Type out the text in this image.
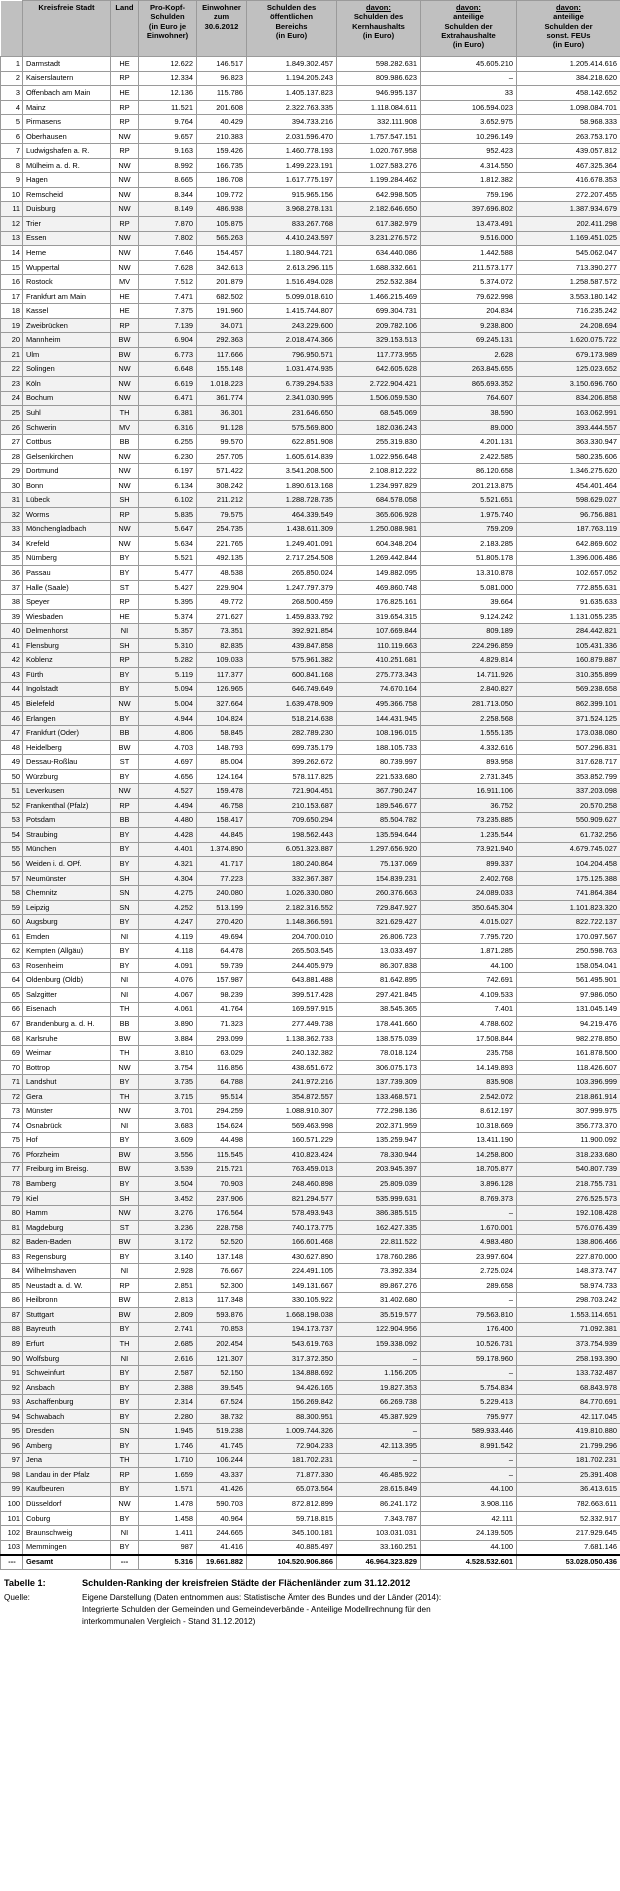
	Kreisfreie Stadt	Land	Pro-Kopf-
Schulden
(in Euro je
Einwohner)	Einwohner
zum
30.6.2012	Schulden des
öffentlichen
Bereichs
(in Euro)	davon:
Schulden des
Kernhaushalts
(in Euro)	davon:
anteilige
Schulden der
Extrahaushalte
(in Euro)	davon:
anteilige
Schulden der
sonst. FEUs
(in Euro)

1	Darmstadt	HE	12.622	146.517	1.849.302.457	598.282.631	45.605.210	1.205.414.616
2	Kaiserslautern	RP	12.334	96.823	1.194.205.243	809.986.623	–	384.218.620
3	Offenbach am Main	HE	12.136	115.786	1.405.137.823	946.995.137	33	458.142.652
4	Mainz	RP	11.521	201.608	2.322.763.335	1.118.084.611	106.594.023	1.098.084.701
5	Pirmasens	RP	9.764	40.429	394.733.216	332.111.908	3.652.975	58.968.333
6	Oberhausen	NW	9.657	210.383	2.031.596.470	1.757.547.151	10.296.149	263.753.170
7	Ludwigshafen a. R.	RP	9.163	159.426	1.460.778.193	1.020.767.958	952.423	439.057.812
8	Mülheim a. d. R.	NW	8.992	166.735	1.499.223.191	1.027.583.276	4.314.550	467.325.364
9	Hagen	NW	8.665	186.708	1.617.775.197	1.199.284.462	1.812.382	416.678.353
10	Remscheid	NW	8.344	109.772	915.965.156	642.998.505	759.196	272.207.455
11	Duisburg	NW	8.149	486.938	3.968.278.131	2.182.646.650	397.696.802	1.387.934.679
12	Trier	RP	7.870	105.875	833.267.768	617.382.979	13.473.491	202.411.298
13	Essen	NW	7.802	565.263	4.410.243.597	3.231.276.572	9.516.000	1.169.451.025
14	Herne	NW	7.646	154.457	1.180.944.721	634.440.086	1.442.588	545.062.047
15	Wuppertal	NW	7.628	342.613	2.613.296.115	1.688.332.661	211.573.177	713.390.277
16	Rostock	MV	7.512	201.879	1.516.494.028	252.532.384	5.374.072	1.258.587.572
17	Frankfurt am Main	HE	7.471	682.502	5.099.018.610	1.466.215.469	79.622.998	3.553.180.142
18	Kassel	HE	7.375	191.960	1.415.744.807	699.304.731	204.834	716.235.242
19	Zweibrücken	RP	7.139	34.071	243.229.600	209.782.106	9.238.800	24.208.694
20	Mannheim	BW	6.904	292.363	2.018.474.366	329.153.513	69.245.131	1.620.075.722
21	Ulm	BW	6.773	117.666	796.950.571	117.773.955	2.628	679.173.989
22	Solingen	NW	6.648	155.148	1.031.474.935	642.605.628	263.845.655	125.023.652
23	Köln	NW	6.619	1.018.223	6.739.294.533	2.722.904.421	865.693.352	3.150.696.760
24	Bochum	NW	6.471	361.774	2.341.030.995	1.506.059.530	764.607	834.206.858
25	Suhl	TH	6.381	36.301	231.646.650	68.545.069	38.590	163.062.991
26	Schwerin	MV	6.316	91.128	575.569.800	182.036.243	89.000	393.444.557
27	Cottbus	BB	6.255	99.570	622.851.908	255.319.830	4.201.131	363.330.947
28	Gelsenkirchen	NW	6.230	257.705	1.605.614.839	1.022.956.648	2.422.585	580.235.606
29	Dortmund	NW	6.197	571.422	3.541.208.500	2.108.812.222	86.120.658	1.346.275.620
30	Bonn	NW	6.134	308.242	1.890.613.168	1.234.997.829	201.213.875	454.401.464
31	Lübeck	SH	6.102	211.212	1.288.728.735	684.578.058	5.521.651	598.629.027
32	Worms	RP	5.835	79.575	464.339.549	365.606.928	1.975.740	96.756.881
33	Mönchengladbach	NW	5.647	254.735	1.438.611.309	1.250.088.981	759.209	187.763.119
34	Krefeld	NW	5.634	221.765	1.249.401.091	604.348.204	2.183.285	642.869.602
35	Nürnberg	BY	5.521	492.135	2.717.254.508	1.269.442.844	51.805.178	1.396.006.486
36	Passau	BY	5.477	48.538	265.850.024	149.882.095	13.310.878	102.657.052
37	Halle (Saale)	ST	5.427	229.904	1.247.797.379	469.860.748	5.081.000	772.855.631
38	Speyer	RP	5.395	49.772	268.500.459	176.825.161	39.664	91.635.633
39	Wiesbaden	HE	5.374	271.627	1.459.833.792	319.654.315	9.124.242	1.131.055.235
40	Delmenhorst	NI	5.357	73.351	392.921.854	107.669.844	809.189	284.442.821
41	Flensburg	SH	5.310	82.835	439.847.858	110.119.663	224.296.859	105.431.336
42	Koblenz	RP	5.282	109.033	575.961.382	410.251.681	4.829.814	160.879.887
43	Fürth	BY	5.119	117.377	600.841.168	275.773.343	14.711.926	310.355.899
44	Ingolstadt	BY	5.094	126.965	646.749.649	74.670.164	2.840.827	569.238.658
45	Bielefeld	NW	5.004	327.664	1.639.478.909	495.366.758	281.713.050	862.399.101
46	Erlangen	BY	4.944	104.824	518.214.638	144.431.945	2.258.568	371.524.125
47	Frankfurt (Oder)	BB	4.806	58.845	282.789.230	108.196.015	1.555.135	173.038.080
48	Heidelberg	BW	4.703	148.793	699.735.179	188.105.733	4.332.616	507.296.831
49	Dessau-Roßlau	ST	4.697	85.004	399.262.672	80.739.997	893.958	317.628.717
50	Würzburg	BY	4.656	124.164	578.117.825	221.533.680	2.731.345	353.852.799
51	Leverkusen	NW	4.527	159.478	721.904.451	367.790.247	16.911.106	337.203.098
52	Frankenthal (Pfalz)	RP	4.494	46.758	210.153.687	189.546.677	36.752	20.570.258
53	Potsdam	BB	4.480	158.417	709.650.294	85.504.782	73.235.885	550.909.627
54	Straubing	BY	4.428	44.845	198.562.443	135.594.644	1.235.544	61.732.256
55	München	BY	4.401	1.374.890	6.051.323.887	1.297.656.920	73.921.940	4.679.745.027
56	Weiden i. d. OPf.	BY	4.321	41.717	180.240.864	75.137.069	899.337	104.204.458
57	Neumünster	SH	4.304	77.223	332.367.387	154.839.231	2.402.768	175.125.388
58	Chemnitz	SN	4.275	240.080	1.026.330.080	260.376.663	24.089.033	741.864.384
59	Leipzig	SN	4.252	513.199	2.182.316.552	729.847.927	350.645.304	1.101.823.320
60	Augsburg	BY	4.247	270.420	1.148.366.591	321.629.427	4.015.027	822.722.137
61	Emden	NI	4.119	49.694	204.700.010	26.806.723	7.795.720	170.097.567
62	Kempten (Allgäu)	BY	4.118	64.478	265.503.545	13.033.497	1.871.285	250.598.763
63	Rosenheim	BY	4.091	59.739	244.405.979	86.307.838	44.100	158.054.041
64	Oldenburg (Oldb)	NI	4.076	157.987	643.881.488	81.642.895	742.691	561.495.901
65	Salzgitter	NI	4.067	98.239	399.517.428	297.421.845	4.109.533	97.986.050
66	Eisenach	TH	4.061	41.764	169.597.915	38.545.365	7.401	131.045.149
67	Brandenburg a. d. H.	BB	3.890	71.323	277.449.738	178.441.660	4.788.602	94.219.476
68	Karlsruhe	BW	3.884	293.099	1.138.362.733	138.575.039	17.508.844	982.278.850
69	Weimar	TH	3.810	63.029	240.132.382	78.018.124	235.758	161.878.500
70	Bottrop	NW	3.754	116.856	438.651.672	306.075.173	14.149.893	118.426.607
71	Landshut	BY	3.735	64.788	241.972.216	137.739.309	835.908	103.396.999
72	Gera	TH	3.715	95.514	354.872.557	133.468.571	2.542.072	218.861.914
73	Münster	NW	3.701	294.259	1.088.910.307	772.298.136	8.612.197	307.999.975
74	Osnabrück	NI	3.683	154.624	569.463.998	202.371.959	10.318.669	356.773.370
75	Hof	BY	3.609	44.498	160.571.229	135.259.947	13.411.190	11.900.092
76	Pforzheim	BW	3.556	115.545	410.823.424	78.330.944	14.258.800	318.233.680
77	Freiburg im Breisg.	BW	3.539	215.721	763.459.013	203.945.397	18.705.877	540.807.739
78	Bamberg	BY	3.504	70.903	248.460.898	25.809.039	3.896.128	218.755.731
79	Kiel	SH	3.452	237.906	821.294.577	535.999.631	8.769.373	276.525.573
80	Hamm	NW	3.276	176.564	578.493.943	386.385.515	–	192.108.428
81	Magdeburg	ST	3.236	228.758	740.173.775	162.427.335	1.670.001	576.076.439
82	Baden-Baden	BW	3.172	52.520	166.601.468	22.811.522	4.983.480	138.806.466
83	Regensburg	BY	3.140	137.148	430.627.890	178.760.286	23.997.604	227.870.000
84	Wilhelmshaven	NI	2.928	76.667	224.491.105	73.392.334	2.725.024	148.373.747
85	Neustadt a. d. W.	RP	2.851	52.300	149.131.667	89.867.276	289.658	58.974.733
86	Heilbronn	BW	2.813	117.348	330.105.922	31.402.680	–	298.703.242
87	Stuttgart	BW	2.809	593.876	1.668.198.038	35.519.577	79.563.810	1.553.114.651
88	Bayreuth	BY	2.741	70.853	194.173.737	122.904.956	176.400	71.092.381
89	Erfurt	TH	2.685	202.454	543.619.763	159.338.092	10.526.731	373.754.939
90	Wolfsburg	NI	2.616	121.307	317.372.350	–	59.178.960	258.193.390
91	Schweinfurt	BY	2.587	52.150	134.888.692	1.156.205	–	133.732.487
92	Ansbach	BY	2.388	39.545	94.426.165	19.827.353	5.754.834	68.843.978
93	Aschaffenburg	BY	2.314	67.524	156.269.842	66.269.738	5.229.413	84.770.691
94	Schwabach	BY	2.280	38.732	88.300.951	45.387.929	795.977	42.117.045
95	Dresden	SN	1.945	519.238	1.009.744.326	–	589.933.446	419.810.880
96	Amberg	BY	1.746	41.745	72.904.233	42.113.395	8.991.542	21.799.296
97	Jena	TH	1.710	106.244	181.702.231	–	–	181.702.231
98	Landau in der Pfalz	RP	1.659	43.337	71.877.330	46.485.922	–	25.391.408
99	Kaufbeuren	BY	1.571	41.426	65.073.564	28.615.849	44.100	36.413.615
100	Düsseldorf	NW	1.478	590.703	872.812.899	86.241.172	3.908.116	782.663.611
101	Coburg	BY	1.458	40.964	59.718.815	7.343.787	42.111	52.332.917
102	Braunschweig	NI	1.411	244.665	345.100.181	103.031.031	24.139.505	217.929.645
103	Memmingen	BY	987	41.416	40.885.497	33.160.251	44.100	7.681.146
---	Gesamt	---	5.316	19.661.882	104.520.906.866	46.964.323.829	4.528.532.601	53.028.050.436
Tabelle 1:	Schulden-Ranking der kreisfreien Städte der Flächenländer zum 31.12.2012
Quelle:	Eigene Darstellung (Daten entnommen aus: Statistische Ämter des Bundes und der Länder (2014):
Integrierte Schulden der Gemeinden und Gemeindeverbände - Anteilige Modellrechnung für den
interkommunalen Vergleich - Stand 31.12.2012)
